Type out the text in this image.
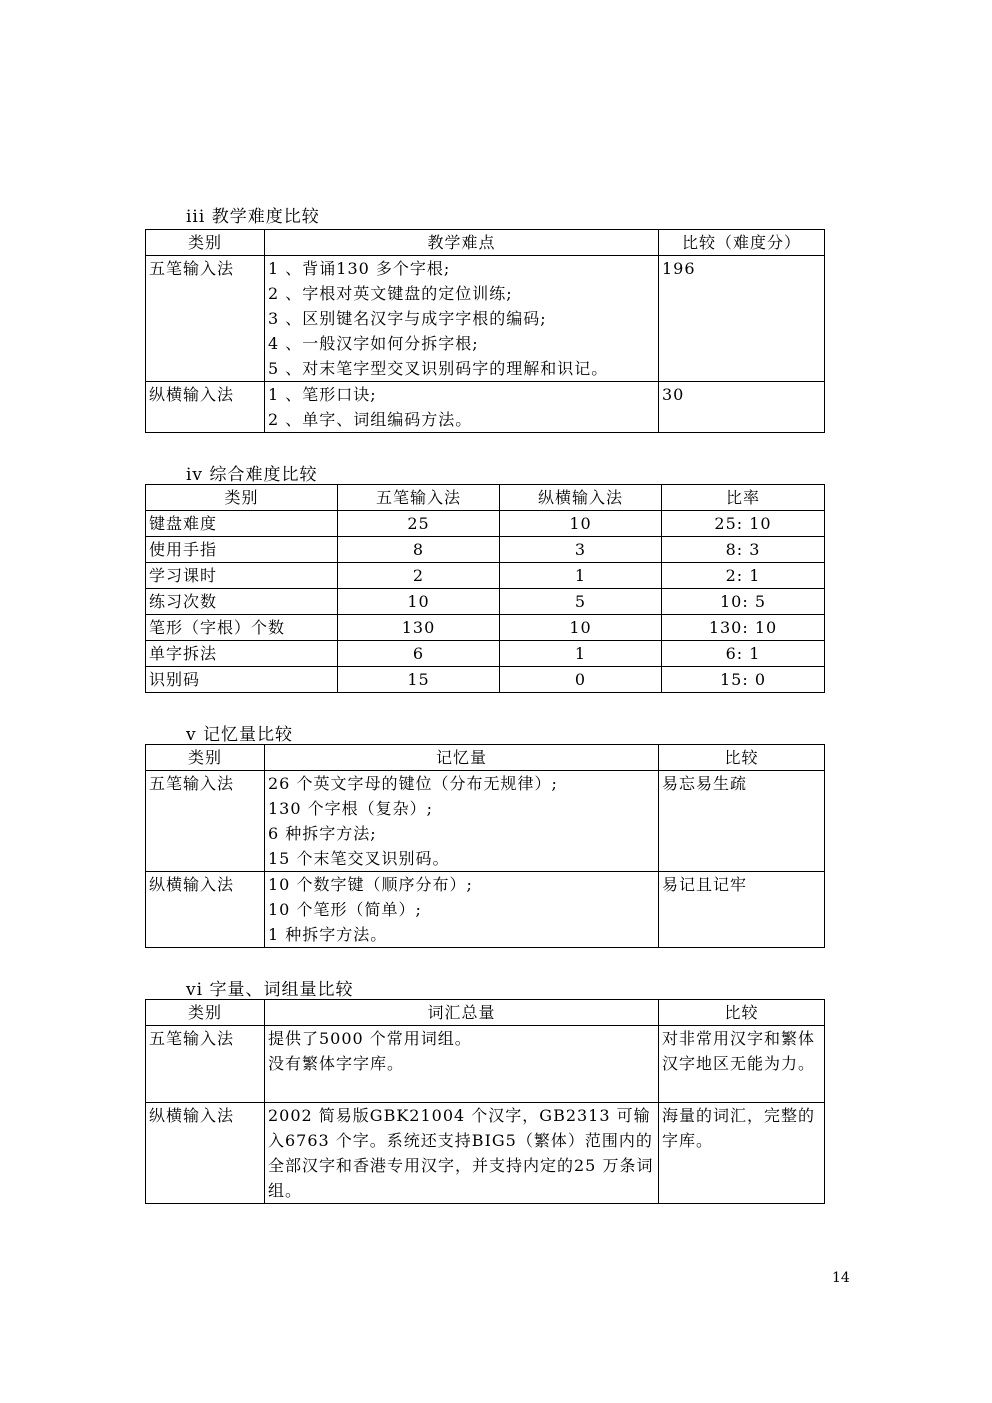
iii 教学难度比较
类别	教学难点	比较（难度分）
五笔输入法	1 、背诵130 多个字根;
2 、字根对英文键盘的定位训练;
3 、区别键名汉字与成字字根的编码;
4 、一般汉字如何分拆字根;
5 、对末笔字型交叉识别码字的理解和识记。	196
纵横输入法	1 、笔形口诀;
2 、单字、词组编码方法。	30
iv 综合难度比较
类别	五笔输入法	纵横输入法	比率
键盘难度	25	10	25: 10
使用手指	8	3	8: 3
学习课时	2	1	2: 1
练习次数	10	5	10: 5
笔形（字根）个数	130	10	130: 10
单字拆法	6	1	6: 1
识别码	15	0	15: 0
v 记忆量比较
类别	记忆量	比较
五笔输入法	26 个英文字母的键位（分布无规律）;
130 个字根（复杂）;
6 种拆字方法;
15 个末笔交叉识别码。	易忘易生疏
纵横输入法	10 个数字键（顺序分布）;
10 个笔形（简单）;
1 种拆字方法。	易记且记牢
vi 字量、词组量比较
类别	词汇总量	比较
五笔输入法	提供了5000 个常用词组。
没有繁体字字库。	对非常用汉字和繁体汉字地区无能为力。
纵横输入法	2002 简易版GBK21004 个汉字，GB2313 可输入6763 个字。系统还支持BIG5（繁体）范围内的全部汉字和香港专用汉字，并支持内定的25 万条词组。	海量的词汇，完整的字库。
14
